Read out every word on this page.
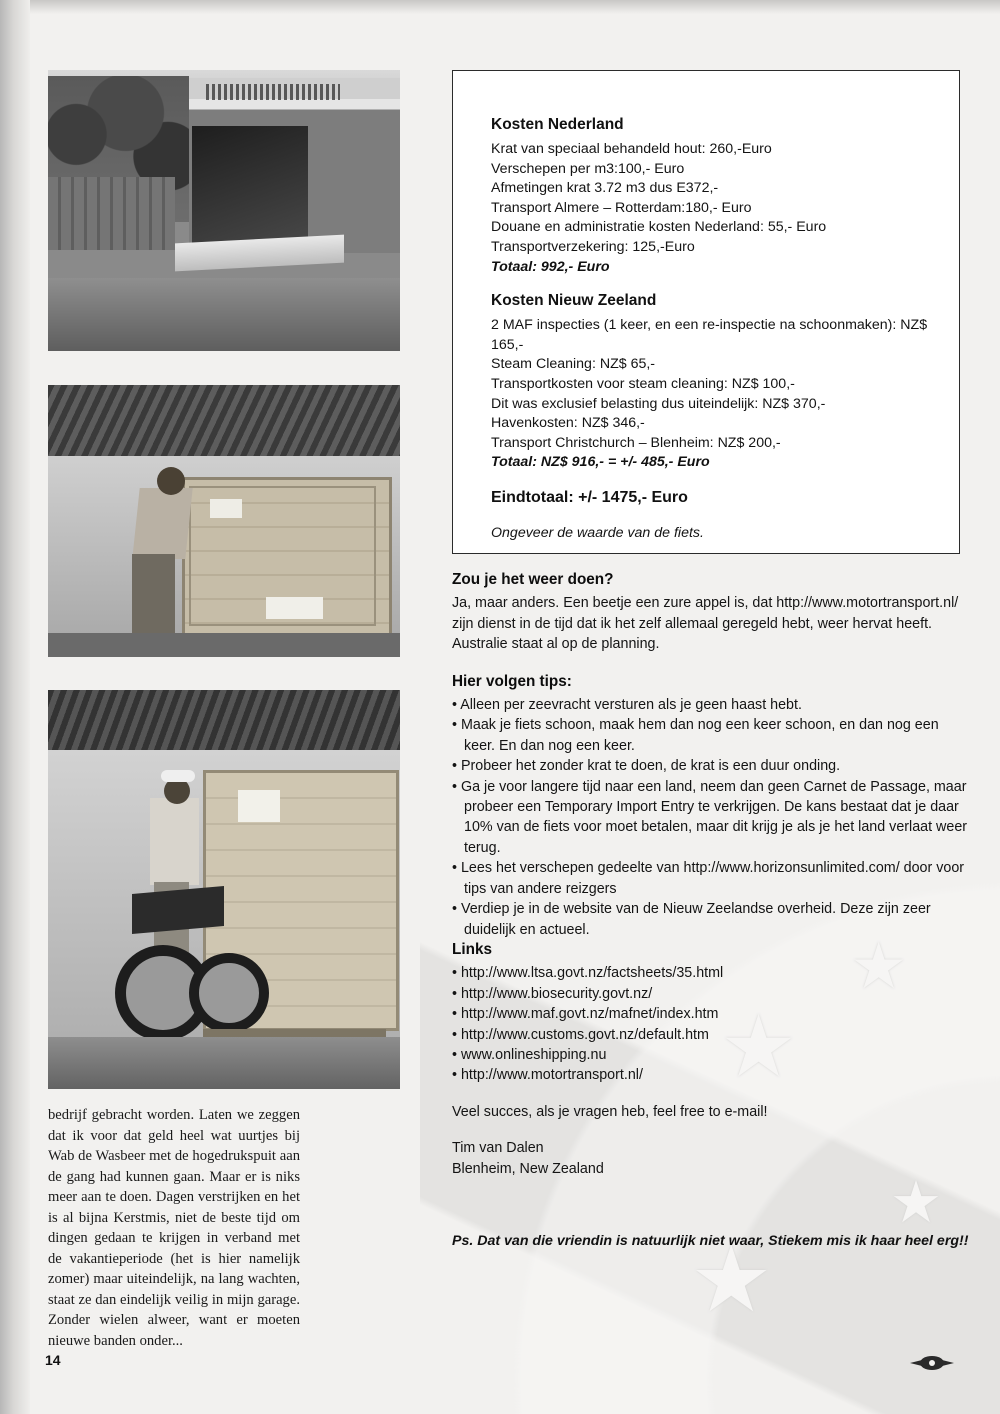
★
★
★
★
bedrijf gebracht worden. Laten we zeggen dat ik voor dat geld heel wat uurtjes bij Wab de Wasbeer met de hogedrukspuit aan de gang had kunnen gaan. Maar er is niks meer aan te doen. Dagen verstrijken en het is al bijna Kerstmis, niet de beste tijd om dingen gedaan te krijgen in verband met de vakantieperiode (het is hier namelijk zomer) maar uiteindelijk, na lang wachten, staat ze dan eindelijk veilig in mijn garage. Zonder wielen alweer, want er moeten nieuwe banden onder...
Kosten Nederland
Krat van speciaal behandeld hout: 260,-Euro
Verschepen per m3:100,- Euro
Afmetingen krat 3.72 m3 dus E372,-
Transport Almere – Rotterdam:180,- Euro
Douane en administratie kosten Nederland: 55,- Euro
Transportverzekering: 125,-Euro
Totaal: 992,- Euro
Kosten Nieuw Zeeland
2 MAF inspecties (1 keer, en een re-inspectie na schoonmaken): NZ$ 165,-
Steam Cleaning: NZ$ 65,-
Transportkosten voor steam cleaning: NZ$ 100,-
Dit was exclusief belasting dus uiteindelijk: NZ$ 370,-
Havenkosten: NZ$ 346,-
Transport Christchurch – Blenheim: NZ$ 200,-
Totaal: NZ$ 916,- = +/- 485,- Euro
Eindtotaal: +/- 1475,- Euro
Ongeveer de waarde van de fiets.
Zou je het weer doen?

Ja, maar anders. Een beetje een zure appel is, dat http://www.motortransport.nl/ zijn dienst in de tijd dat ik het zelf allemaal geregeld hebt, weer hervat heeft. Australie staat al op de planning.

Hier volgen tips:

• Alleen per zeevracht versturen als je geen haast hebt.

• Maak je fiets schoon, maak hem dan nog een keer schoon, en dan nog een keer. En dan nog een keer.

• Probeer het zonder krat te doen, de krat is een duur onding.

• Ga je voor langere tijd naar een land, neem dan geen Carnet de Passage, maar probeer een Temporary Import Entry te verkrijgen. De kans bestaat dat je daar 10% van de fiets voor moet betalen, maar dit krijg je als je het land verlaat weer terug.

• Lees het verschepen gedeelte van http://www.horizonsunlimited.com/ door voor tips van andere reizgers

• Verdiep je in de website van de Nieuw Zeelandse overheid. Deze zijn zeer duidelijk en actueel.

Links

• http://www.ltsa.govt.nz/factsheets/35.html

• http://www.biosecurity.govt.nz/

• http://www.maf.govt.nz/mafnet/index.htm

• http://www.customs.govt.nz/default.htm

• www.onlineshipping.nu

• http://www.motortransport.nl/

Veel succes, als je vragen heb, feel free to e-mail!

Tim van Dalen

Blenheim, New Zealand

Ps. Dat van die vriendin is natuurlijk niet waar, Stiekem mis ik haar heel erg!!

14
